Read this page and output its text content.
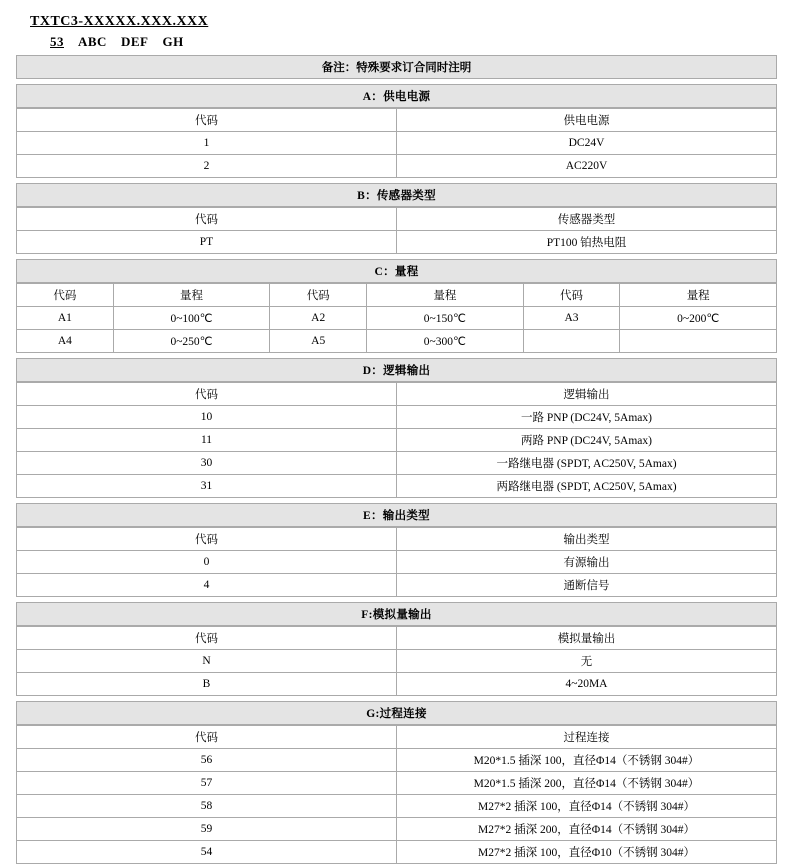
TXTC3-XXXXX.XXX.XXX
53 ABC DEF GH
备注：特殊要求订合同时注明
A：供电电源
代码	供电电源
1	DC24V
2	AC220V
B：传感器类型
代码	传感器类型
PT	PT100 铂热电阻
C：量程
代码	量程	代码	量程	代码	量程
A1	0~100℃	A2	0~150℃	A3	0~200℃
A4	0~250℃	A5	0~300℃		
D：逻辑输出
代码	逻辑输出
10	一路 PNP (DC24V, 5Amax)
11	两路 PNP (DC24V, 5Amax)
30	一路继电器 (SPDT, AC250V, 5Amax)
31	两路继电器 (SPDT, AC250V, 5Amax)
E：输出类型
代码	输出类型
0	有源输出
4	通断信号
F:模拟量输出
代码	模拟量输出
N	无
B	4~20MA
G:过程连接
代码	过程连接
56	M20*1.5 插深 100，直径Φ14（不锈钢 304#）
57	M20*1.5 插深 200，直径Φ14（不锈钢 304#）
58	M27*2 插深 100，直径Φ14（不锈钢 304#）
59	M27*2 插深 200，直径Φ14（不锈钢 304#）
54	M27*2 插深 100，直径Φ10（不锈钢 304#）
